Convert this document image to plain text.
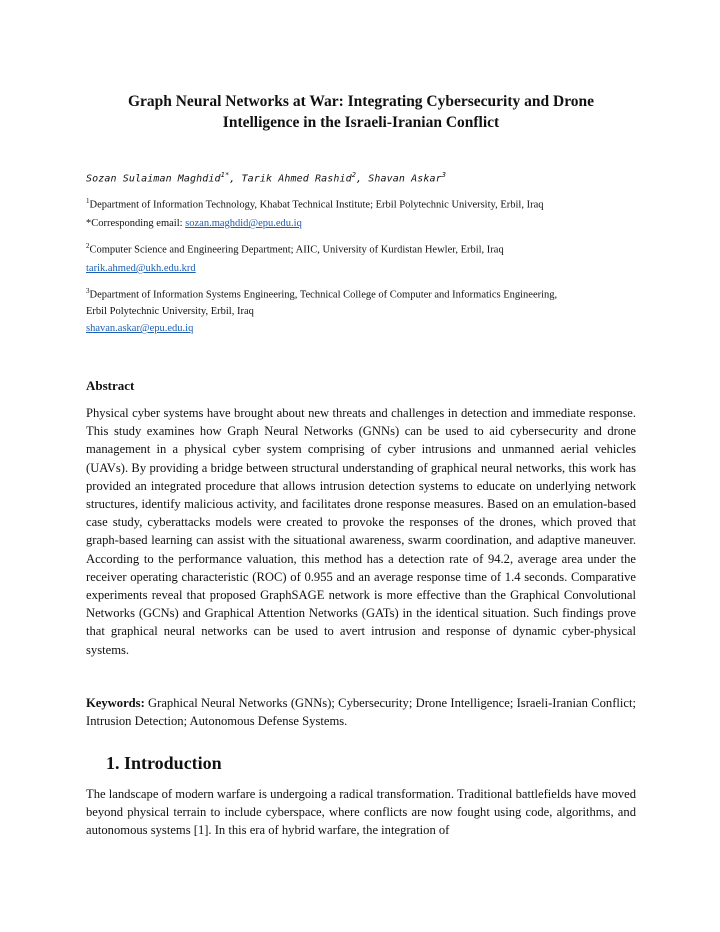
Graph Neural Networks at War: Integrating Cybersecurity and Drone
Intelligence in the Israeli-Iranian Conflict
Sozan Sulaiman Maghdid$^{1*}$, Tarik Ahmed Rashid$^2$, Shavan Askar$^3$
$^1$Department of Information Technology, Khabat Technical Institute; Erbil Polytechnic University, Erbil, Iraq
*Corresponding email: sozan.maghdid@epu.edu.iq
$^2$Computer Science and Engineering Department; AIIC, University of Kurdistan Hewler, Erbil, Iraq
tarik.ahmed@ukh.edu.krd
$^3$Department of Information Systems Engineering, Technical College of Computer and Informatics Engineering,
Erbil Polytechnic University, Erbil, Iraq
shavan.askar@epu.edu.iq
Abstract
Physical cyber systems have brought about new threats and challenges in detection and immediate response. This study examines how Graph Neural Networks (GNNs) can be used to aid cybersecurity and drone management in a physical cyber system comprising of cyber intrusions and unmanned aerial vehicles (UAVs). By providing a bridge between structural understanding of graphical neural networks, this work has provided an integrated procedure that allows intrusion detection systems to educate on underlying network structures, identify malicious activity, and facilitates drone response measures. Based on an emulation-based case study, cyberattacks models were created to provoke the responses of the drones, which proved that graph-based learning can assist with the situational awareness, swarm coordination, and adaptive maneuver. According to the performance valuation, this method has a detection rate of 94.2, average area under the receiver operating characteristic (ROC) of 0.955 and an average response time of 1.4 seconds. Comparative experiments reveal that proposed GraphSAGE network is more effective than the Graphical Convolutional Networks (GCNs) and Graphical Attention Networks (GATs) in the identical situation. Such findings prove that graphical neural networks can be used to avert intrusion and response of dynamic cyber-physical systems.
Keywords: Graphical Neural Networks (GNNs); Cybersecurity; Drone Intelligence; Israeli-Iranian Conflict; Intrusion Detection; Autonomous Defense Systems.
1. Introduction
The landscape of modern warfare is undergoing a radical transformation. Traditional battlefields have moved beyond physical terrain to include cyberspace, where conflicts are now fought using code, algorithms, and autonomous systems [1]. In this era of hybrid warfare, the integration of
